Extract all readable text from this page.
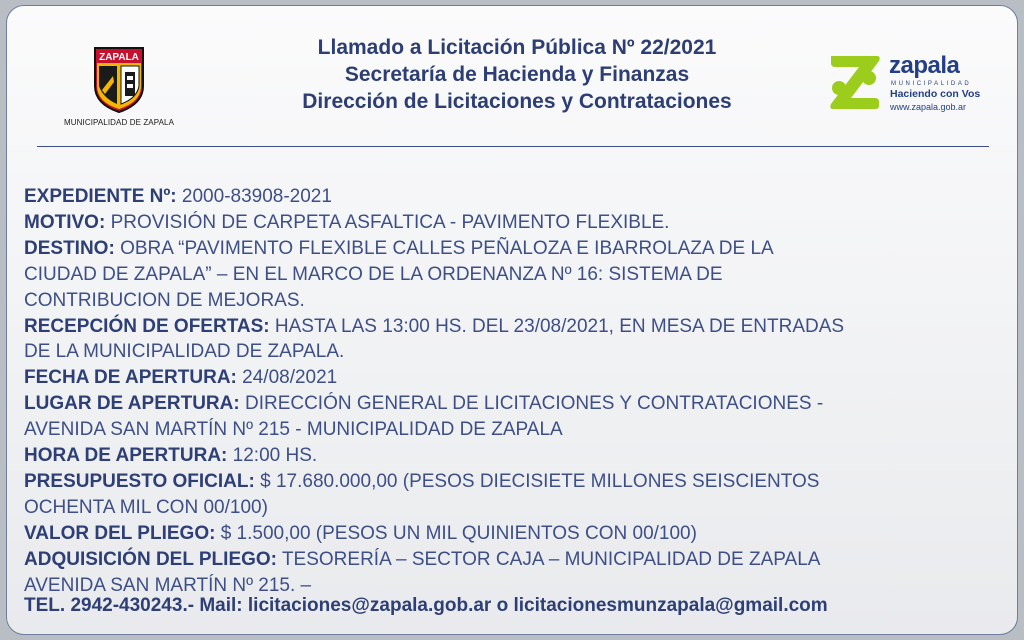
ZAPALA
MUNICIPALIDAD DE ZAPALA
Llamado a Licitación Pública Nº 22/2021
Secretaría de Hacienda y Finanzas
Dirección de Licitaciones y Contrataciones
zapala
MUNICIPALIDAD
Haciendo con Vos
www.zapala.gob.ar
EXPEDIENTE Nº: 2000-83908-2021
MOTIVO: PROVISIÓN DE CARPETA ASFALTICA - PAVIMENTO FLEXIBLE.
DESTINO: OBRA “PAVIMENTO FLEXIBLE CALLES PEÑALOZA E IBARROLAZA DE LA
CIUDAD DE ZAPALA” – EN EL MARCO DE LA ORDENANZA Nº 16: SISTEMA DE
CONTRIBUCION DE MEJORAS.
RECEPCIÓN DE OFERTAS: HASTA LAS 13:00 HS. DEL 23/08/2021, EN MESA DE ENTRADAS
DE LA MUNICIPALIDAD DE ZAPALA.
FECHA DE APERTURA: 24/08/2021
LUGAR DE APERTURA: DIRECCIÓN GENERAL DE LICITACIONES Y CONTRATACIONES -
AVENIDA SAN MARTÍN Nº 215 - MUNICIPALIDAD DE ZAPALA
HORA DE APERTURA: 12:00 HS.
PRESUPUESTO OFICIAL: $ 17.680.000,00 (PESOS DIECISIETE MILLONES SEISCIENTOS
OCHENTA MIL CON 00/100)
VALOR DEL PLIEGO: $ 1.500,00 (PESOS UN MIL QUINIENTOS CON 00/100)
ADQUISICIÓN DEL PLIEGO: TESORERÍA – SECTOR CAJA – MUNICIPALIDAD DE ZAPALA
AVENIDA SAN MARTÍN Nº 215. –
TEL. 2942-430243.- Mail: licitaciones@zapala.gob.ar o licitacionesmunzapala@gmail.com
